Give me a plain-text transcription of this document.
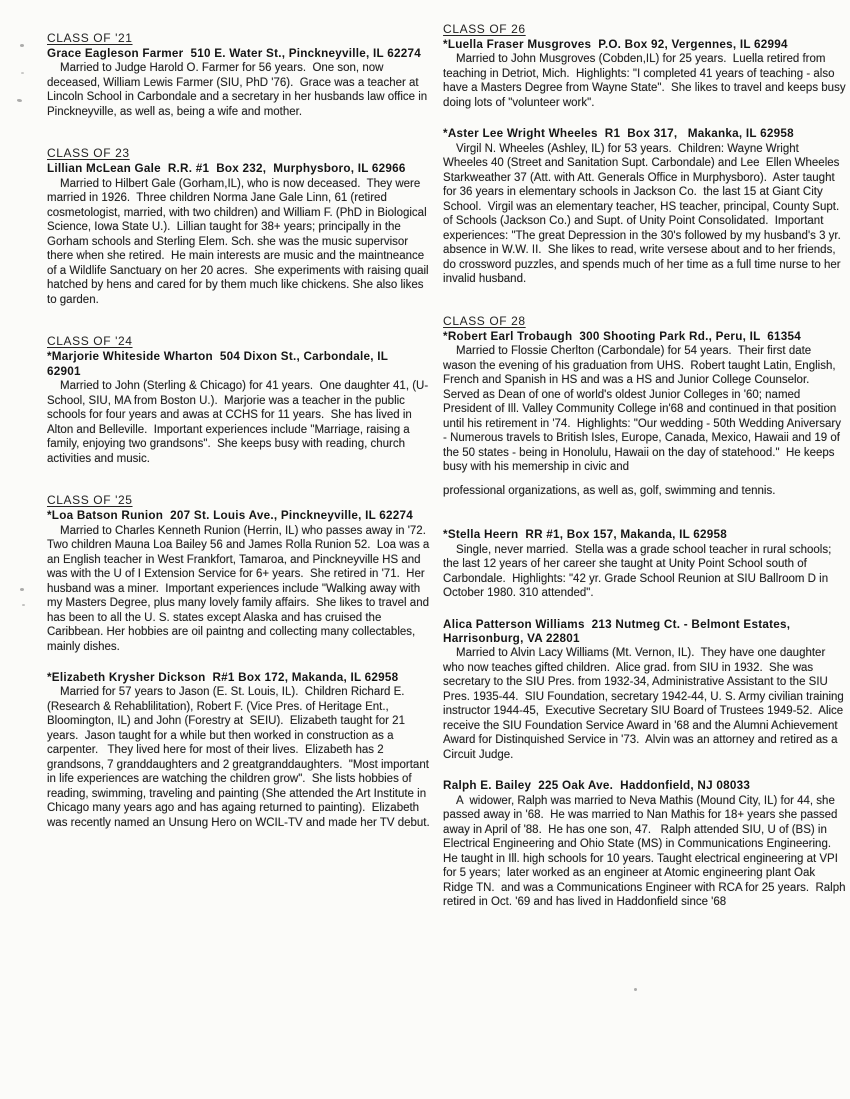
CLASS OF '21

Grace Eagleson Farmer  510 E. Water St., Pinckneyville, IL 62274

Married to Judge Harold O. Farmer for 56 years.  One son, now deceased, William Lewis Farmer (SIU, PhD '76).  Grace was a teacher at Lincoln School in Carbondale and a secretary in her husbands law office in Pinckneyville, as well as, being a wife and mother.

CLASS OF 23

Lillian McLean Gale  R.R. #1  Box 232,  Murphysboro, IL 62966

Married to Hilbert Gale (Gorham,IL), who is now deceased.  They were married in 1926.  Three children Norma Jane Gale Linn, 61 (retired cosmetologist, married, with two children) and William F. (PhD in Biological Science, Iowa State U.).  Lillian taught for 38+ years; principally in the Gorham schools and Sterling Elem. Sch. she was the music supervisor there when she retired.  He main interests are music and the maintneance of a Wildlife Sanctuary on her 20 acres.  She experiments with raising quail hatched by hens and cared for by them much like chickens. She also likes to garden.

CLASS OF '24

*Marjorie Whiteside Wharton  504 Dixon St., Carbondale, IL

62901

Married to John (Sterling & Chicago) for 41 years.  One daughter 41, (U-School, SIU, MA from Boston U.).  Marjorie was a teacher in the public schools for four years and awas at CCHS for 11 years.  She has lived in Alton and Belleville.  Important experiences include "Marriage, raising a family, enjoying two grandsons".  She keeps busy with reading, church activities and music.

CLASS OF '25

*Loa Batson Runion  207 St. Louis Ave., Pinckneyville, IL 62274

Married to Charles Kenneth Runion (Herrin, IL) who passes away in '72. Two children Mauna Loa Bailey 56 and James Rolla Runion 52.  Loa was a an English teacher in West Frankfort, Tamaroa, and Pinckneyville HS and was with the U of I Extension Service for 6+ years.  She retired in '71.  Her husband was a miner.  Important experiences include "Walking away with my Masters Degree, plus many lovely family affairs.  She likes to travel and has been to all the U. S. states except Alaska and has cruised the Caribbean. Her hobbies are oil paintng and collecting many collectables, mainly dishes.

*Elizabeth Krysher Dickson  R#1 Box 172, Makanda, IL 62958

Married for 57 years to Jason (E. St. Louis, IL).  Children Richard E.(Research & Rehablilitation), Robert F. (Vice Pres. of Heritage Ent., Bloomington, IL) and John (Forestry at  SEIU).  Elizabeth taught for 21 years.  Jason taught for a while but then worked in construction as a carpenter.   They lived here for most of their lives.  Elizabeth has 2 grandsons, 7 granddaughters and 2 greatgranddaughters.  "Most important in life experiences are watching the children grow".  She lists hobbies of reading, swimming, traveling and painting (She attended the Art Institute in Chicago many years ago and has againg returned to painting).  Elizabeth was recently named an Unsung Hero on WCIL-TV and made her TV debut.

CLASS OF 26

*Luella Fraser Musgroves  P.O. Box 92, Vergennes, IL 62994

Married to John Musgroves (Cobden,IL) for 25 years.  Luella retired from teaching in Detriot, Mich.  Highlights: "I completed 41 years of teaching - also have a Masters Degree from Wayne State".  She likes to travel and keeps busy doing lots of "volunteer work".

*Aster Lee Wright Wheeles  R1  Box 317,   Makanka, IL 62958

Virgil N. Wheeles (Ashley, IL) for 53 years.  Children: Wayne Wright Wheeles 40 (Street and Sanitation Supt. Carbondale) and Lee  Ellen Wheeles Starkweather 37 (Att. with Att. Generals Office in Murphysboro).  Aster taught for 36 years in elementary schools in Jackson Co.  the last 15 at Giant City School.  Virgil was an elementary teacher, HS teacher, principal, County Supt. of Schools (Jackson Co.) and Supt. of Unity Point Consolidated.  Important experiences: "The great Depression in the 30's followed by my husband's 3 yr. absence in W.W. II.  She likes to read, write versese about and to her friends, do crossword puzzles, and spends much of her time as a full time nurse to her invalid husband.

CLASS OF 28

*Robert Earl Trobaugh  300 Shooting Park Rd., Peru, IL  61354

Married to Flossie Cherlton (Carbondale) for 54 years.  Their first date wason the evening of his graduation from UHS.  Robert taught Latin, English, French and Spanish in HS and was a HS and Junior College Counselor.  Served as Dean of one of world's oldest Junior Colleges in '60; named President of Ill. Valley Community College in'68 and continued in that position until his retirement in '74.  Highlights: "Our wedding - 50th Wedding Aniversary - Numerous travels to British Isles, Europe, Canada, Mexico, Hawaii and 19 of the 50 states - being in Honolulu, Hawaii on the day of statehood."  He keeps busy with his memership in civic and

professional organizations, as well as, golf, swimming and tennis.

*Stella Heern  RR #1, Box 157, Makanda, IL 62958

Single, never married.  Stella was a grade school teacher in rural schools; the last 12 years of her career she taught at Unity Point School south of Carbondale.  Highlights: "42 yr. Grade School Reunion at SIU Ballroom D in October 1980. 310 attended".

Alica Patterson Williams  213 Nutmeg Ct. - Belmont Estates,

Harrisonburg, VA 22801

Married to Alvin Lacy Williams (Mt. Vernon, IL).  They have one daughter who now teaches gifted children.  Alice grad. from SIU in 1932.  She was secretary to the SIU Pres. from 1932-34, Administrative Assistant to the SIU Pres. 1935-44.  SIU Foundation, secretary 1942-44, U. S. Army civilian training instructor 1944-45,  Executive Secretary SIU Board of Trustees 1949-52.  Alice receive the SIU Foundation Service Award in '68 and the Alumni Achievement Award for Distinquished Service in '73.  Alvin was an attorney and retired as a Circuit Judge.

Ralph E. Bailey  225 Oak Ave.  Haddonfield, NJ 08033

A  widower, Ralph was married to Neva Mathis (Mound City, IL) for 44, she passed away in '68.  He was married to Nan Mathis for 18+ years she passed away in April of '88.  He has one son, 47.   Ralph attended SIU, U of (BS) in  Electrical Engineering and Ohio State (MS) in Communications Engineering.  He taught in Ill. high schools for 10 years. Taught electrical engineering at VPI for 5 years;  later worked as an engineer at Atomic engineering plant Oak Ridge TN.  and was a Communications Engineer with RCA for 25 years.  Ralph retired in Oct. '69 and has lived in Haddonfield since '68
